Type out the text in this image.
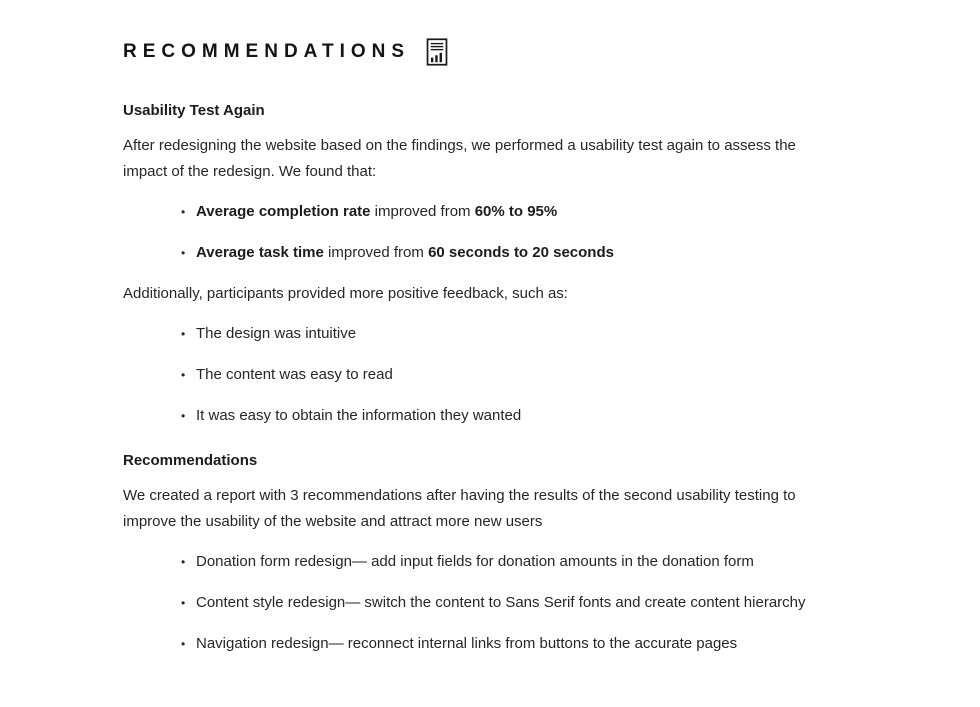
RECOMMENDATIONS
Usability Test Again

After redesigning the website based on the findings, we performed a usability test again to assess the impact of the redesign. We found that:

• Average completion rate improved from 60% to 95%
• Average task time improved from 60 seconds to 20 seconds

Additionally, participants provided more positive feedback, such as:

• The design was intuitive
• The content was easy to read
• It was easy to obtain the information they wanted
Recommendations

We created a report with 3 recommendations after having the results of the second usability testing to improve the usability of the website and attract more new users

• Donation form redesign— add input fields for donation amounts in the donation form
• Content style redesign— switch the content to Sans Serif fonts and create content hierarchy
• Navigation redesign— reconnect internal links from buttons to the accurate pages
